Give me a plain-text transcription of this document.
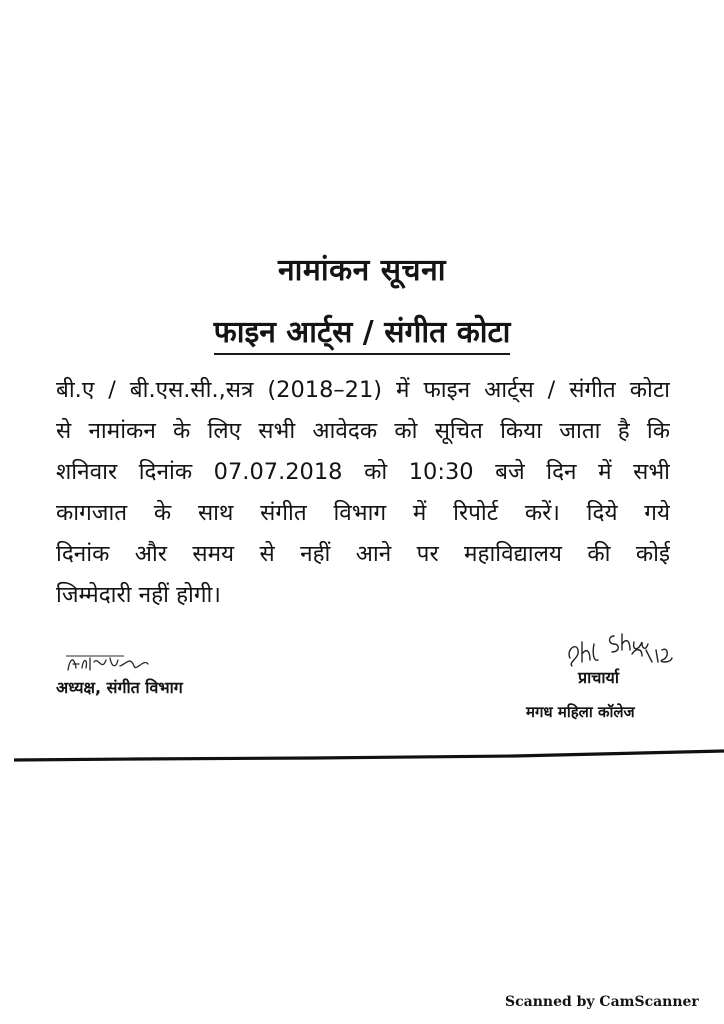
नामांकन सूचना
फाइन आर्ट्स / संगीत कोटा
बी.ए / बी.एस.सी.,सत्र (2018–21) में फाइन आर्ट्स / संगीत कोटा
से नामांकन के लिए सभी आवेदक को सूचित किया जाता है कि
शनिवार दिनांक 07.07.2018 को 10:30 बजे दिन में सभी
कागजात के साथ संगीत विभाग में रिपोर्ट करें। दिये गये
दिनांक और समय से नहीं आने पर महाविद्यालय की कोई
जिम्मेदारी नहीं होगी।
अध्यक्ष, संगीत विभाग
प्राचार्या
मगध महिला कॉलेज
Scanned by CamScanner
